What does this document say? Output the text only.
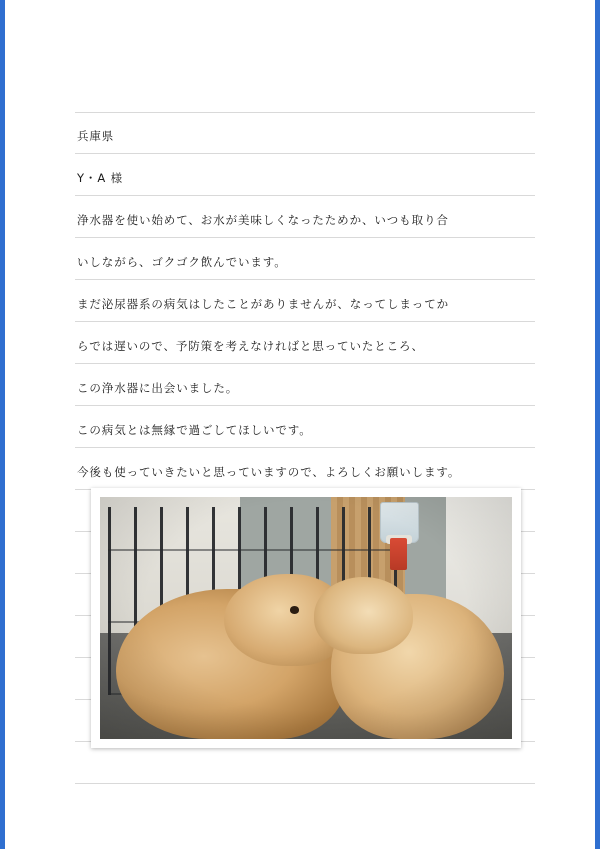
兵庫県
Y・A 様
浄水器を使い始めて、お水が美味しくなったためか、いつも取り合
いしながら、ゴクゴク飲んでいます。
まだ泌尿器系の病気はしたことがありませんが、なってしまってか
らでは遅いので、予防策を考えなければと思っていたところ、
この浄水器に出会いました。
この病気とは無縁で過ごしてほしいです。
今後も使っていきたいと思っていますので、よろしくお願いします。
